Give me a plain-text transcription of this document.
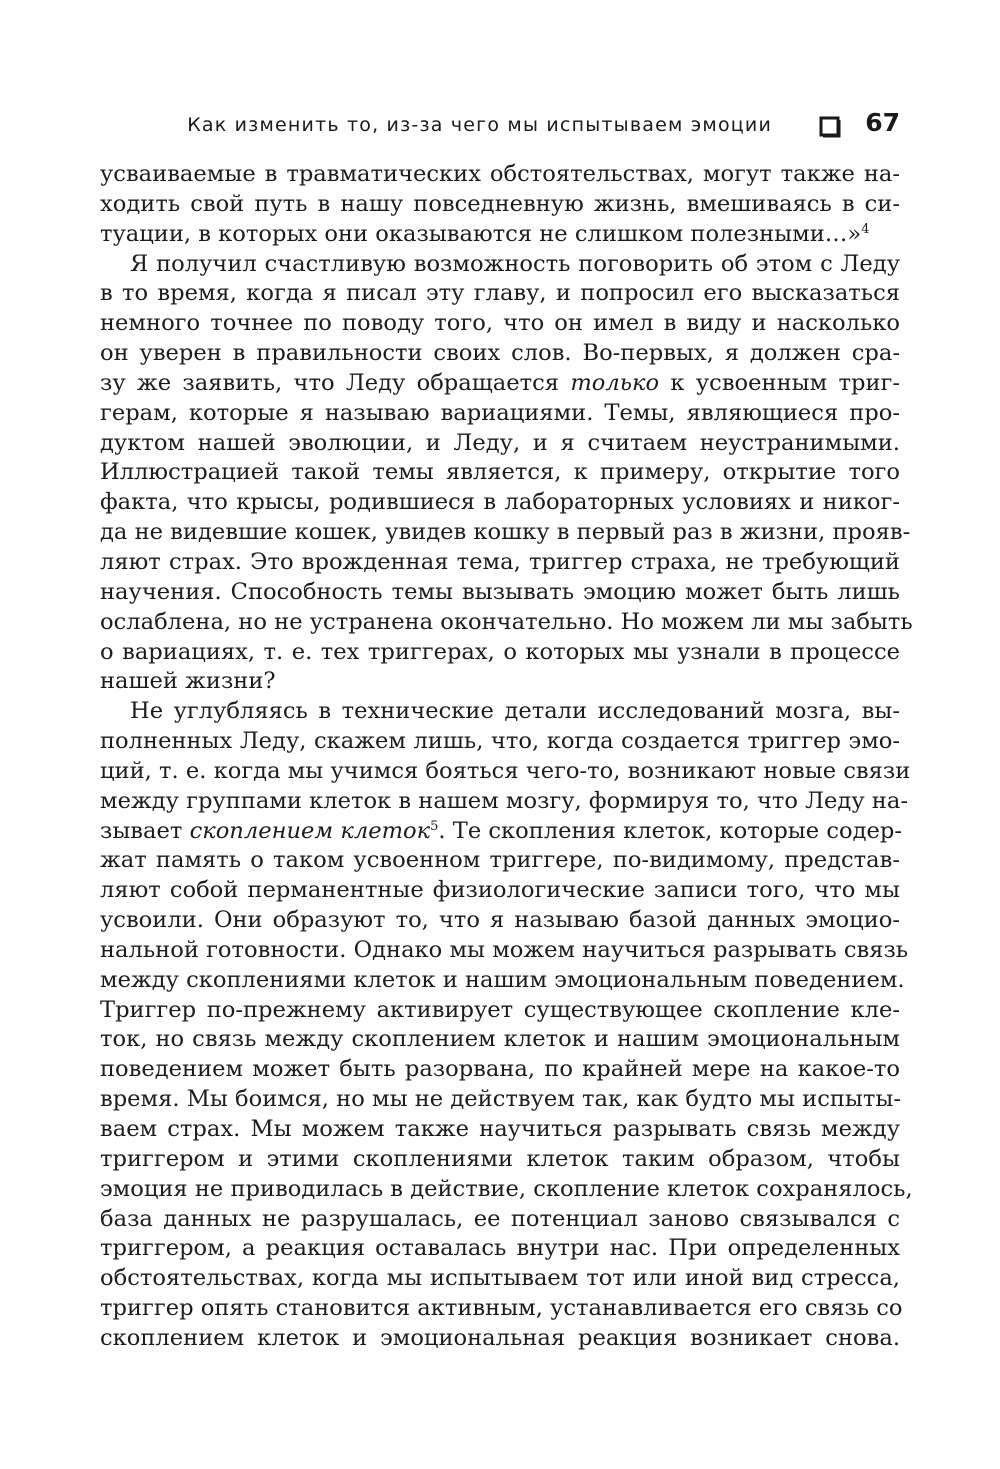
Как изменить то, из-за чего мы испытываем эмоции	67
усваиваемые в травматических обстоятельствах, могут также на-
ходить свой путь в нашу повседневную жизнь, вмешиваясь в си-
туации, в которых они оказываются не слишком полезными…»$^4$
Я получил счастливую возможность поговорить об этом с Леду
в то время, когда я писал эту главу, и попросил его высказаться
немного точнее по поводу того, что он имел в виду и насколько
он уверен в правильности своих слов. Во-первых, я должен сра-
зу же заявить, что Леду обращается только к усвоенным триг-
герам, которые я называю вариациями. Темы, являющиеся про-
дуктом нашей эволюции, и Леду, и я считаем неустранимыми.
Иллюстрацией такой темы является, к примеру, открытие того
факта, что крысы, родившиеся в лабораторных условиях и никог-
да не видевшие кошек, увидев кошку в первый раз в жизни, прояв-
ляют страх. Это врожденная тема, триггер страха, не требующий
научения. Способность темы вызывать эмоцию может быть лишь
ослаблена, но не устранена окончательно. Но можем ли мы забыть
о вариациях, т. е. тех триггерах, о которых мы узнали в процессе
нашей жизни?
Не углубляясь в технические детали исследований мозга, вы-
полненных Леду, скажем лишь, что, когда создается триггер эмо-
ций, т. е. когда мы учимся бояться чего-то, возникают новые связи
между группами клеток в нашем мозгу, формируя то, что Леду на-
зывает скоплением клеток$^5$. Те скопления клеток, которые содер-
жат память о таком усвоенном триггере, по-видимому, представ-
ляют собой перманентные физиологические записи того, что мы
усвоили. Они образуют то, что я называю базой данных эмоцио-
нальной готовности. Однако мы можем научиться разрывать связь
между скоплениями клеток и нашим эмоциональным поведением.
Триггер по-прежнему активирует существующее скопление кле-
ток, но связь между скоплением клеток и нашим эмоциональным
поведением может быть разорвана, по крайней мере на какое-то
время. Мы боимся, но мы не действуем так, как будто мы испыты-
ваем страх. Мы можем также научиться разрывать связь между
триггером и этими скоплениями клеток таким образом, чтобы
эмоция не приводилась в действие, скопление клеток сохранялось,
база данных не разрушалась, ее потенциал заново связывался с
триггером, а реакция оставалась внутри нас. При определенных
обстоятельствах, когда мы испытываем тот или иной вид стресса,
триггер опять становится активным, устанавливается его связь со
скоплением клеток и эмоциональная реакция возникает снова.
